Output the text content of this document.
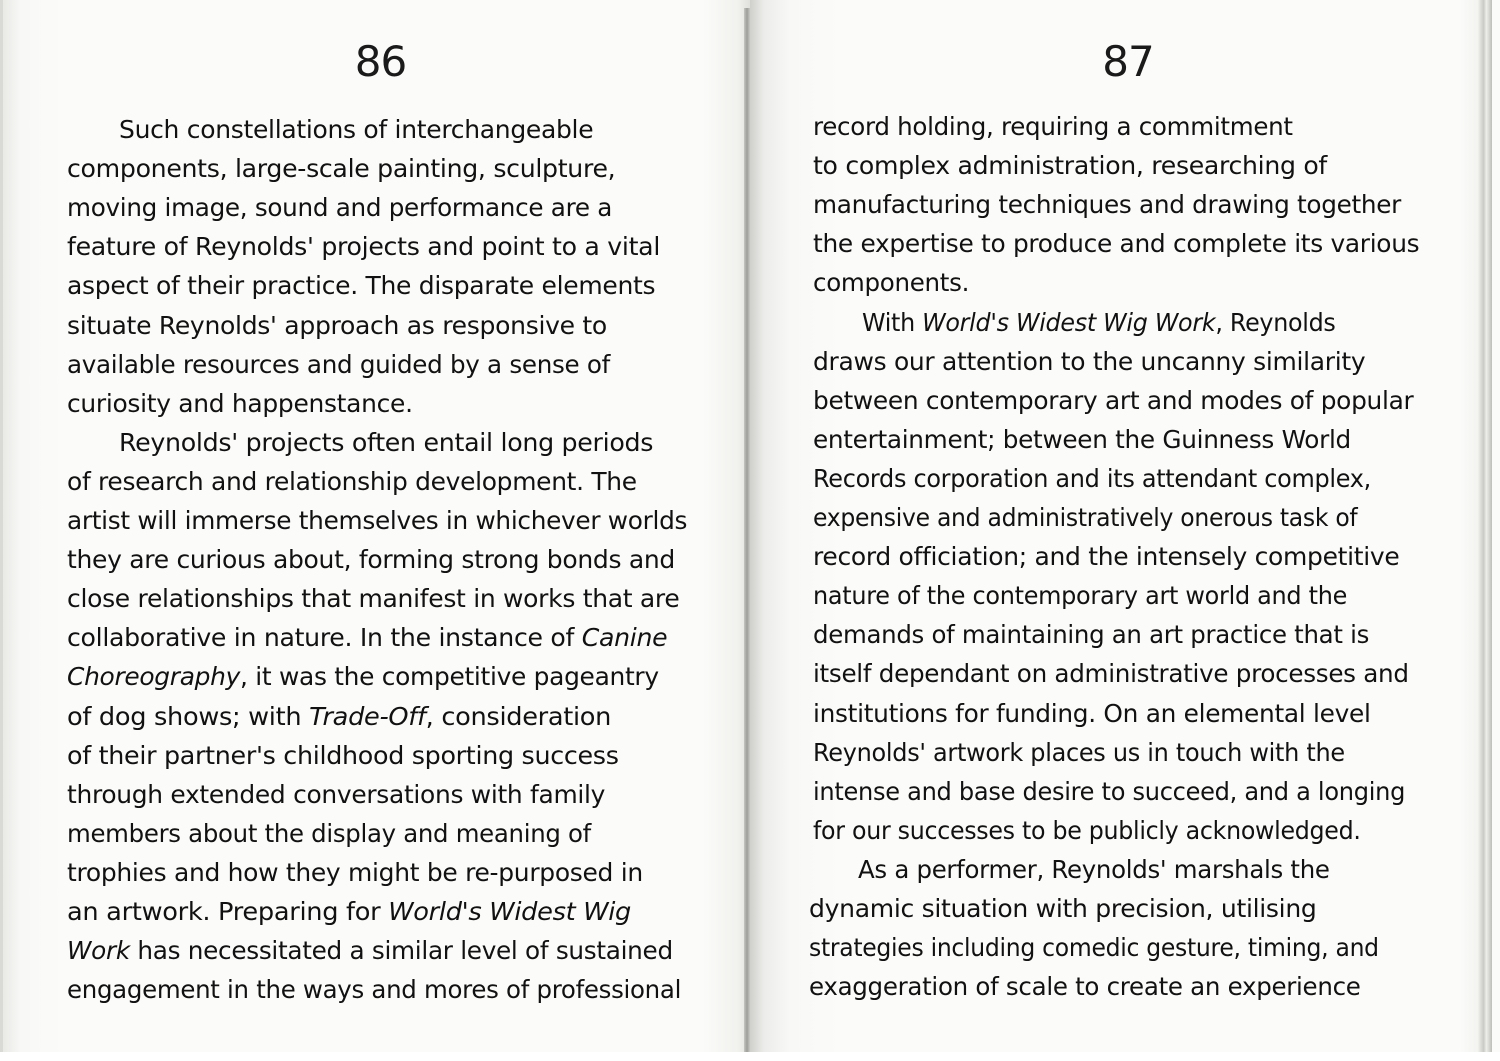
86
Such constellations of interchangeable
components, large-scale painting, sculpture,
moving image, sound and performance are a
feature of Reynolds' projects and point to a vital
aspect of their practice. The disparate elements
situate Reynolds' approach as responsive to
available resources and guided by a sense of
curiosity and happenstance.
Reynolds' projects often entail long periods
of research and relationship development. The
artist will immerse themselves in whichever worlds
they are curious about, forming strong bonds and
close relationships that manifest in works that are
collaborative in nature. In the instance of Canine
Choreography, it was the competitive pageantry
of dog shows; with Trade-Off, consideration
of their partner's childhood sporting success
through extended conversations with family
members about the display and meaning of
trophies and how they might be re-purposed in
an artwork. Preparing for World's Widest Wig
Work has necessitated a similar level of sustained
engagement in the ways and mores of professional
87
record holding, requiring a commitment
to complex administration, researching of
manufacturing techniques and drawing together
the expertise to produce and complete its various
components.
With World's Widest Wig Work, Reynolds
draws our attention to the uncanny similarity
between contemporary art and modes of popular
entertainment; between the Guinness World
Records corporation and its attendant complex,
expensive and administratively onerous task of
record officiation; and the intensely competitive
nature of the contemporary art world and the
demands of maintaining an art practice that is
itself dependant on administrative processes and
institutions for funding. On an elemental level
Reynolds' artwork places us in touch with the
intense and base desire to succeed, and a longing
for our successes to be publicly acknowledged.
As a performer, Reynolds' marshals the
dynamic situation with precision, utilising
strategies including comedic gesture, timing, and
exaggeration of scale to create an experience
